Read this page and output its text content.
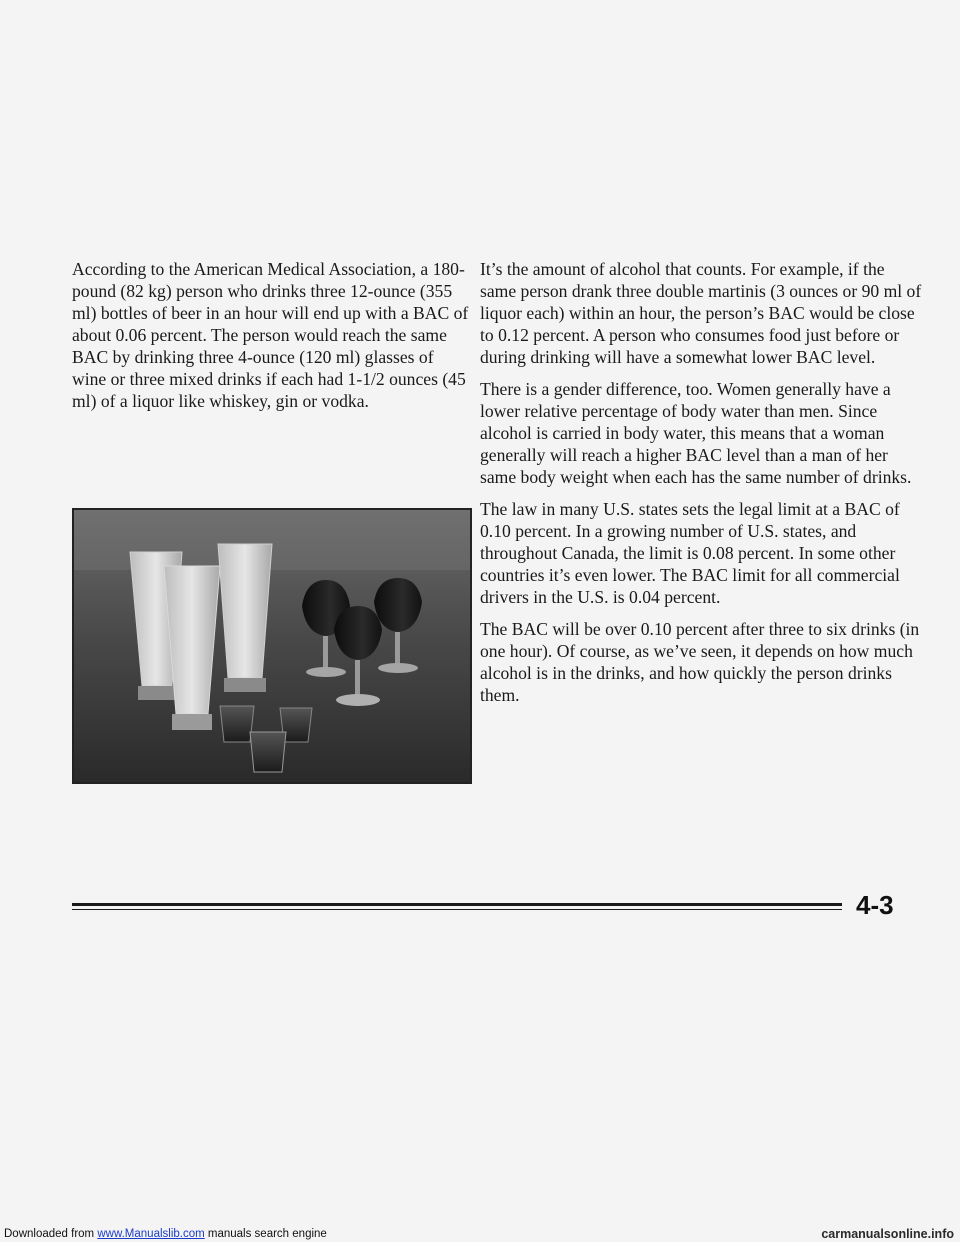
According to the American Medical Association, a 180-pound (82 kg) person who drinks three 12-ounce (355 ml) bottles of beer in an hour will end up with a BAC of about 0.06 percent. The person would reach the same BAC by drinking three 4-ounce (120 ml) glasses of wine or three mixed drinks if each had 1-1/2 ounces (45 ml) of a liquor like whiskey, gin or vodka.

It’s the amount of alcohol that counts. For example, if the same person drank three double martinis (3 ounces or 90 ml of liquor each) within an hour, the person’s BAC would be close to 0.12 percent. A person who consumes food just before or during drinking will have a somewhat lower BAC level.

There is a gender difference, too. Women generally have a lower relative percentage of body water than men. Since alcohol is carried in body water, this means that a woman generally will reach a higher BAC level than a man of her same body weight when each has the same number of drinks.

The law in many U.S. states sets the legal limit at a BAC of 0.10 percent. In a growing number of U.S. states, and throughout Canada, the limit is 0.08 percent. In some other countries it’s even lower. The BAC limit for all commercial drivers in the U.S. is 0.04 percent.

The BAC will be over 0.10 percent after three to six drinks (in one hour). Of course, as we’ve seen, it depends on how much alcohol is in the drinks, and how quickly the person drinks them.

4-3
Downloaded from www.Manualslib.com manuals search engine	carmanualsonline.info
